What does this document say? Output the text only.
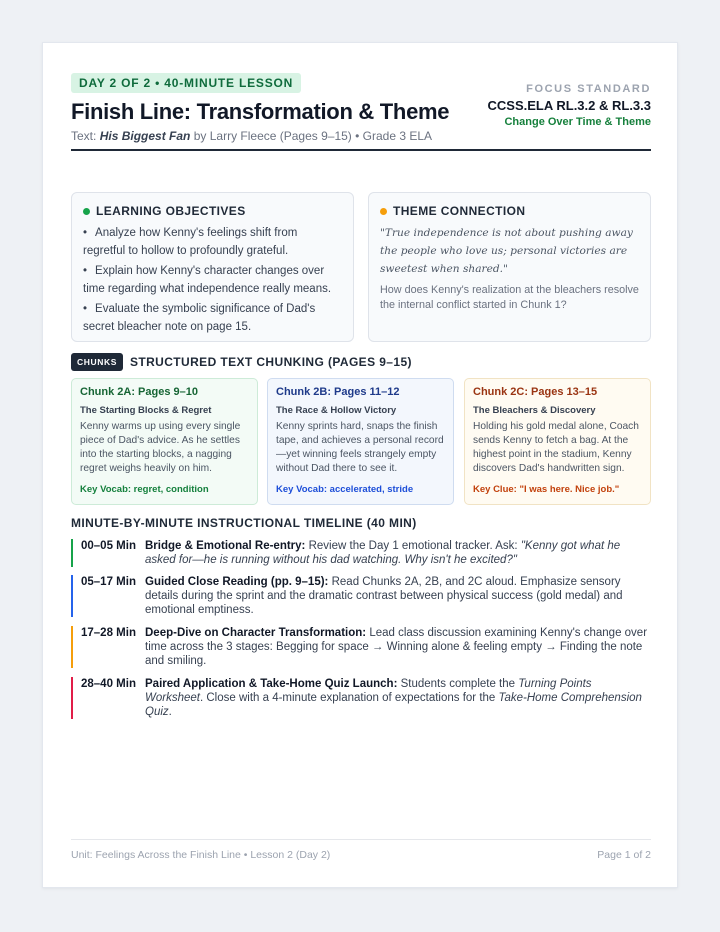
DAY 2 OF 2 • 40-MINUTE LESSON
Finish Line: Transformation & Theme
Text: His Biggest Fan by Larry Fleece (Pages 9–15) • Grade 3 ELA
FOCUS STANDARD
CCSS.ELA RL.3.2 & RL.3.3
Change Over Time & Theme
LEARNING OBJECTIVES
• Analyze how Kenny's feelings shift from regretful to hollow to profoundly grateful.
• Explain how Kenny's character changes over time regarding what independence really means.
• Evaluate the symbolic significance of Dad's secret bleacher note on page 15.
THEME CONNECTION
"True independence is not about pushing away the people who love us; personal victories are sweetest when shared."
How does Kenny's realization at the bleachers resolve the internal conflict started in Chunk 1?
CHUNKS	STRUCTURED TEXT CHUNKING (PAGES 9–15)
Chunk 2A: Pages 9–10
The Starting Blocks & Regret
Kenny warms up using every single piece of Dad's advice. As he settles into the starting blocks, a nagging regret weighs heavily on him.
Key Vocab: regret, condition
Chunk 2B: Pages 11–12
The Race & Hollow Victory
Kenny sprints hard, snaps the finish tape, and achieves a personal record—yet winning feels strangely empty without Dad there to see it.
Key Vocab: accelerated, stride
Chunk 2C: Pages 13–15
The Bleachers & Discovery
Holding his gold medal alone, Coach sends Kenny to fetch a bag. At the highest point in the stadium, Kenny discovers Dad's handwritten sign.
Key Clue: "I was here. Nice job."
MINUTE-BY-MINUTE INSTRUCTIONAL TIMELINE (40 MIN)
00–05 Min Bridge & Emotional Re-entry: Review the Day 1 emotional tracker. Ask: "Kenny got what he asked for—he is running without his dad watching. Why isn't he excited?"
05–17 Min Guided Close Reading (pp. 9–15): Read Chunks 2A, 2B, and 2C aloud. Emphasize sensory details during the sprint and the dramatic contrast between physical success (gold medal) and emotional emptiness.
17–28 Min Deep-Dive on Character Transformation: Lead class discussion examining Kenny's change over time across the 3 stages: Begging for space → Winning alone & feeling empty → Finding the note and smiling.
28–40 Min Paired Application & Take-Home Quiz Launch: Students complete the Turning Points Worksheet. Close with a 4-minute explanation of expectations for the Take-Home Comprehension Quiz.
Unit: Feelings Across the Finish Line • Lesson 2 (Day 2)	Page 1 of 2
